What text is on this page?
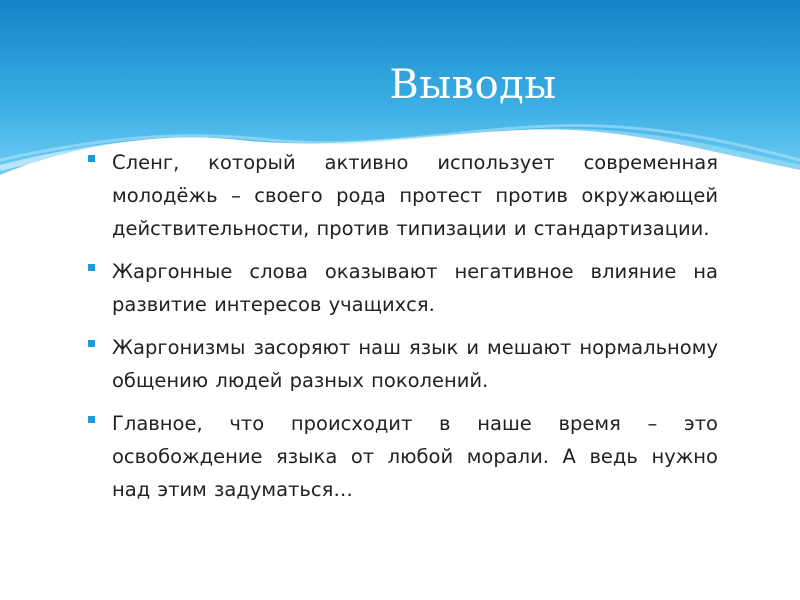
Выводы
Сленг, который активно использует современная молодёжь – своего рода протест против окружающей действительности, против типизации и стандартизации.
Жаргонные слова оказывают негативное влияние на развитие интересов учащихся.
Жаргонизмы засоряют наш язык и мешают нормальному общению людей разных поколений.
Главное, что происходит в наше время – это освобождение языка от любой морали. А ведь нужно над этим задуматься…
